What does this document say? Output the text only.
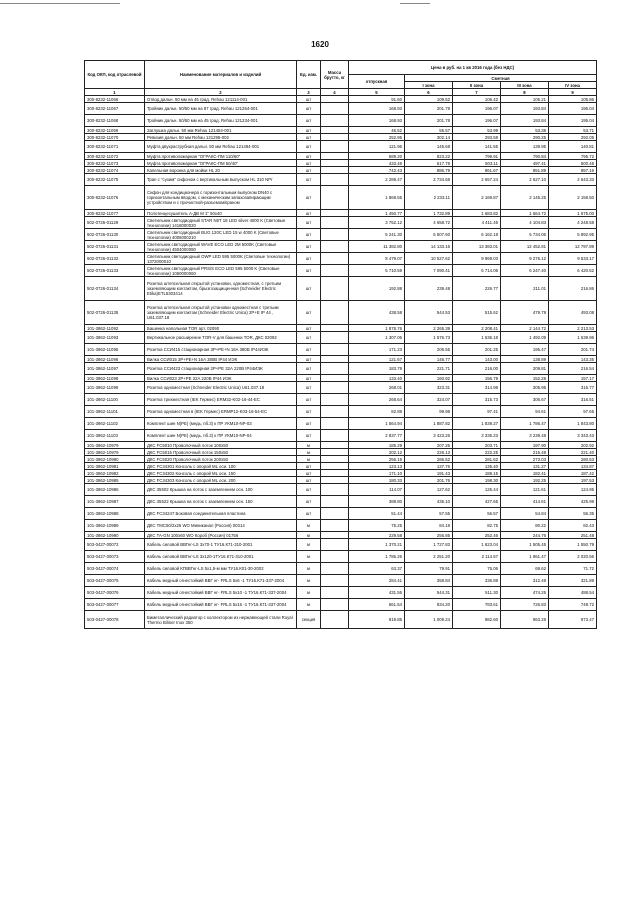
1620
Код ОКП, код отраслевой	Наименование материалов и изделий	Ед. изм.	Масса брутто, кг	Цена в руб. на 1 кв 2016 года (без НДС)				
				отпускная	Сметная			
					I зона	II зона	III зона	IV зона
1	2	3	4	5	6	7	8	9
300-8232-11066	Отвод дальн. 50 мм на 45 град. Rehau 121114-001	шт		91.60	109.52	106.42	105.21	105.86
300-8232-11067	Тройник дальн. 50/50 мм на 87 град. Rehau 121254-001	шт		168.93	201.78	196.07	193.84	195.04
300-8232-11068	Тройник дальн. 50/50 мм на 45 град. Rehau 121234-001	шт		168.93	201.78	196.07	193.84	195.04
300-8232-11069	Заглушка дальн. 50 мм Rehau 121454-001	шт		46.52	55.57	53.99	53.38	53.71
300-8232-11070	Ревизия дальн. 50 мм Rehau 121295-002	шт		252.95	302.14	293.58	290.25	292.05
300-8232-11071	Муфта двухраструбная дальн. 50 мм Rehau 121484-001	шт		121.96	145.68	141.55	139.95	140.81
300-8232-11072	Муфта противопожарная "ОГРАКС-ПМ 110/60"	шт		689.20	823.22	799.91	790.84	795.72
300-8232-11073	Муфта противопожарная "ОГРАКС-ПМ 50/40"	шт		433.48	517.78	503.11	497.41	500.48
300-8232-11074	Капельная воронка для мойки HL 20	шт		742.43	886.79	861.67	851.89	857.16
300-8232-11075	Трап с "сухим" сифоном с вертикальным выпуском HL 310 NPr	шт		2 289.47	2 734.68	2 657.24	2 627.10	2 643.33
300-8232-11076	Сифон для кондиционера с горизонтальным выпуском DN40 с горизонтальным вводом, с механическим запахозапирающим устройством и с прочисткой-разъемом/краном	шт		1 868.55	2 233.11	2 169.87	2 145.25	2 158.50
300-8232-11077	Полотенцесушитель А-ДВ М 1" 50х40	шт		1 450.77	1 732.89	1 683.82	1 664.72	1 675.00
502-0726-01129	Светильник светодиодный STAR N6T 18 LED silver 4000 K (Световые технологии) 1418000020	шт		3 752.12	4 658.72	4 411.45	4 104.83	4 248.58
502-0726-01130	Светильник светодиодный BUG 120С LED 15 w 4000 K (Световые технологии) 4006000210	шт		5 241.30	6 507.60	6 162.18	5 734.06	5 892.95
502-0726-01131	Светильник светодиодный WAVE ECO LED 2М 5000K (Световые технологии) 4504000080	шт		11 382.80	14 133.16	13 383.01	12 452.81	12 797.89
502-0726-01132	Светильник светодиодный OWP LED 595 5000K (Световые технологии) 1372000010	шт		8 479.07	10 527.62	9 969.03	9 276.12	9 533.17
502-0726-01133	Светильник светодиодный PRS/S ECO LED 595 5000 K (Световые технологии) 1060000060	шт		5 710.59	7 090.41	6 714.06	6 247.40	6 420.52
502-0726-01134	Розетка штепсельная открытой установки, одноместная, с третьим заземляющим контактом, брызгозащищенная (Schneider Electric Etika)ETL5303414	шт		192.88	239.48	226.77	211.01	216.86
502-0726-01135	Розетка штепсельная открытой установки одноместная с третьим заземляющим контактом (Schneider Electric Unica) 2P+E IP 44 , U61.037.18	шт		438.58	544.53	515.62	479.79	493.08
101-3862-11092	Башенка напольная TOR арт. 02090	шт		1 878.76	2 265.39	2 208.41	2 144.72	2 213.53
101-3862-11093	Вертикальное расширение TOR-V для башенки TOR, ДКС 02092	шт		1 307.06	1 576.73	1 536.18	1 492.09	1 539.96
101-3862-11095	Розетка ССИ415 стационарная 3Р+PE+N 16А 380В IP44ИЭК	шт		171.23	206.55	201.25	195.47	201.74
101-3862-11096	Вилка ССИ015 3Р+PE+N 16А 380В IP44 ИЭК	шт		121.67	146.77	143.00	138.89	143.35
101-3862-11097	Розетка ССИ423 стационарная 2Р+PE 32А 220В IP44ИЭК	шт		183.79	221.71	216.00	209.81	216.54
101-3862-11098	Вилка ССИ023 2Р+PE 32А 220В IP44 ИЭК	шт		133.40	160.92	156.79	152.28	157.17
101-3862-11099	Розетка одноместная (Schneider Electric Unica) U61.037.18	шт		268.01	323.31	314.98	305.95	315.77
101-3862-11100	Розетка трехместная (IEK Гермес) ERM32-K02-16-44-EC	шт		268.64	324.07	315.73	306.67	316.51
101-3862-11101	Розетка одноместная в (IEK Гермес) ERMP12-K03-16-54-EC	шт		82.88	99.98	97.41	94.61	97.65
101-3862-11102	Комплект шин N(PE) (медь, пб.3) к ПР УКМ10-NP-03	шт		1 564.94	1 887.82	1 839.27	1 786.47	1 843.80
101-3862-11103	Комплект шин N(PE) (медь, пб.3) к ПР УКМ10-NP-04	шт		2 837.77	3 423.26	3 335.23	3 239.48	3 343.43
101-3862-10979	ДКС FC5010 Проволочный лоток 100х50	м		185.29	207.26	203.71	197.90	202.92
101-3862-10979	ДКС FC5015 Проволочный лоток 150х50	м		202.12	226.13	222.25	215.48	221.40
101-3862-10980	ДКС FC5020 Проволочный лоток 200х50	м		256.19	286.52	281.62	273.03	280.53
101-3862-10981	ДКС FC34301 Консоль с опорой МL оси. 100	шт		123.13	137.76	135.40	131.27	134.87
101-3862-10982	ДКС FC34302 Консоль с опорой МL оси. 150	шт		171.10	191.43	188.15	182.41	187.42
101-3862-10985	ДКС FC34303 Консоль с опорой МL оси. 200	шт		180.33	201.76	198.30	192.25	197.53
101-3862-10986	ДКС 35502 Крышка на лоток с заземлением осн. 100	шт		114.07	127.62	125.44	121.61	124.95
101-3862-10987	ДКС 35522 Крышка на лоток с заземлением осн. 150	шт		388.80	435.10	427.65	414.61	425.99
101-3862-10988	ДКС FC34247 Боковая соединительная пластина	шт		51.44	57.55	56.57	54.84	56.35
101-3862-10989	ДКС ТМС50/2х26 WO Миниканал (Россия) 00314	м		75.25	84.19	82.75	80.22	82.43
101-3862-10990	ДКС TA-GN 100х60 WO Короб (Россия) 01756	м		229.58	256.85	252.46	244.76	251.48
503-0427-00072	Кабель силовой ВВГнг-LS 3х70-1 ТУ16.К71-310-2001	м		1 370.21	1 727.83	1 623.04	1 505.45	1 550.79
503-0427-00073	Кабель силовой ВВГнг-LS 3х120-1ТУ16.К71-310-2001	м		1 786.26	2 251.20	2 114.67	1 961.47	2 020.56
503-0427-00074	Кабель силовой КГВВГнг-LS 5х1,5-м мм ТУ16.К01-30-2002	м		63.37	79.91	75.06	69.62	71.72
503-0427-00075	Кабель медный огнестойкий ВВГ нг- FRLS 5х6 -1 ТУ16.К71-337-2004	м		284.41	358.84	336.89	312.48	321.89
503-0427-00076	Кабель медный огнестойкий ВВГ нг- FRLS 5х10 -1 ТУ16.К71-337-2004	м		431.55	544.31	511.30	474.25	488.54
503-0427-00077	Кабель медный огнестойкий ВВГ нг- FRLS 5х16 -1 ТУ16.К71-337-2004	м		661.54	834.20	783.61	726.83	748.72
503-0427-00078	Биметаллический радиатор с коллектором из нержавеющей стали Royal Thermo Biliner Inox 350	секция		919.85	1 009.24	982.60	963.28	973.47
